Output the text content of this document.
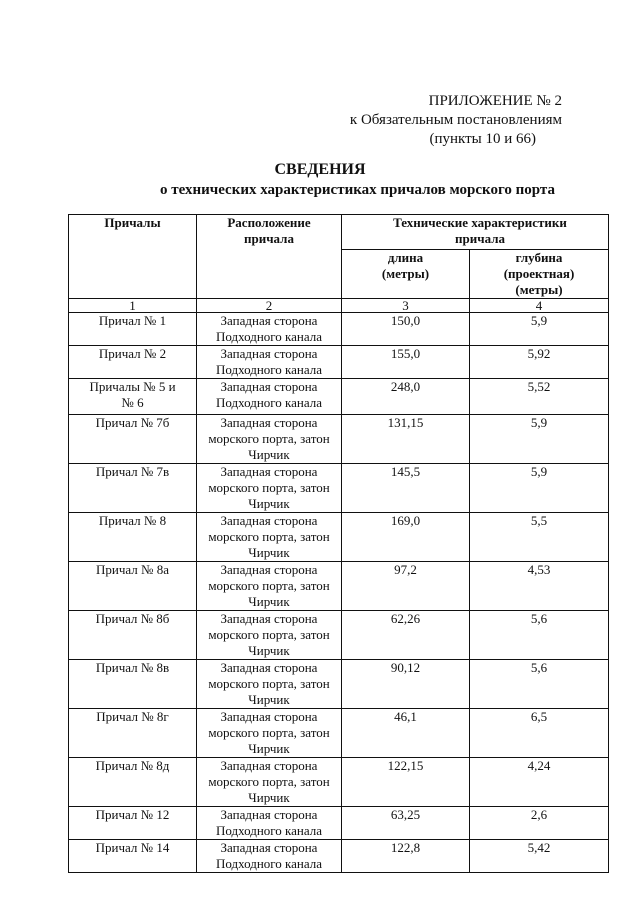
ПРИЛОЖЕНИЕ № 2
к Обязательным постановлениям
(пункты 10 и 66)
СВЕДЕНИЯ
о технических характеристиках причалов морского порта
Причалы	Расположение причала	Технические характеристики причала	
		длина (метры)	глубина (проектная) (метры)
1	2	3	4
Причал № 1	Западная сторона Подходного канала	150,0	5,9
Причал № 2	Западная сторона Подходного канала	155,0	5,92
Причалы № 5 и № 6	Западная сторона Подходного канала	248,0	5,52
Причал № 7б	Западная сторона морского порта, затон Чирчик	131,15	5,9
Причал № 7в	Западная сторона морского порта, затон Чирчик	145,5	5,9
Причал № 8	Западная сторона морского порта, затон Чирчик	169,0	5,5
Причал № 8а	Западная сторона морского порта, затон Чирчик	97,2	4,53
Причал № 8б	Западная сторона морского порта, затон Чирчик	62,26	5,6
Причал № 8в	Западная сторона морского порта, затон Чирчик	90,12	5,6
Причал № 8г	Западная сторона морского порта, затон Чирчик	46,1	6,5
Причал № 8д	Западная сторона морского порта, затон Чирчик	122,15	4,24
Причал № 12	Западная сторона Подходного канала	63,25	2,6
Причал № 14	Западная сторона Подходного канала	122,8	5,42
